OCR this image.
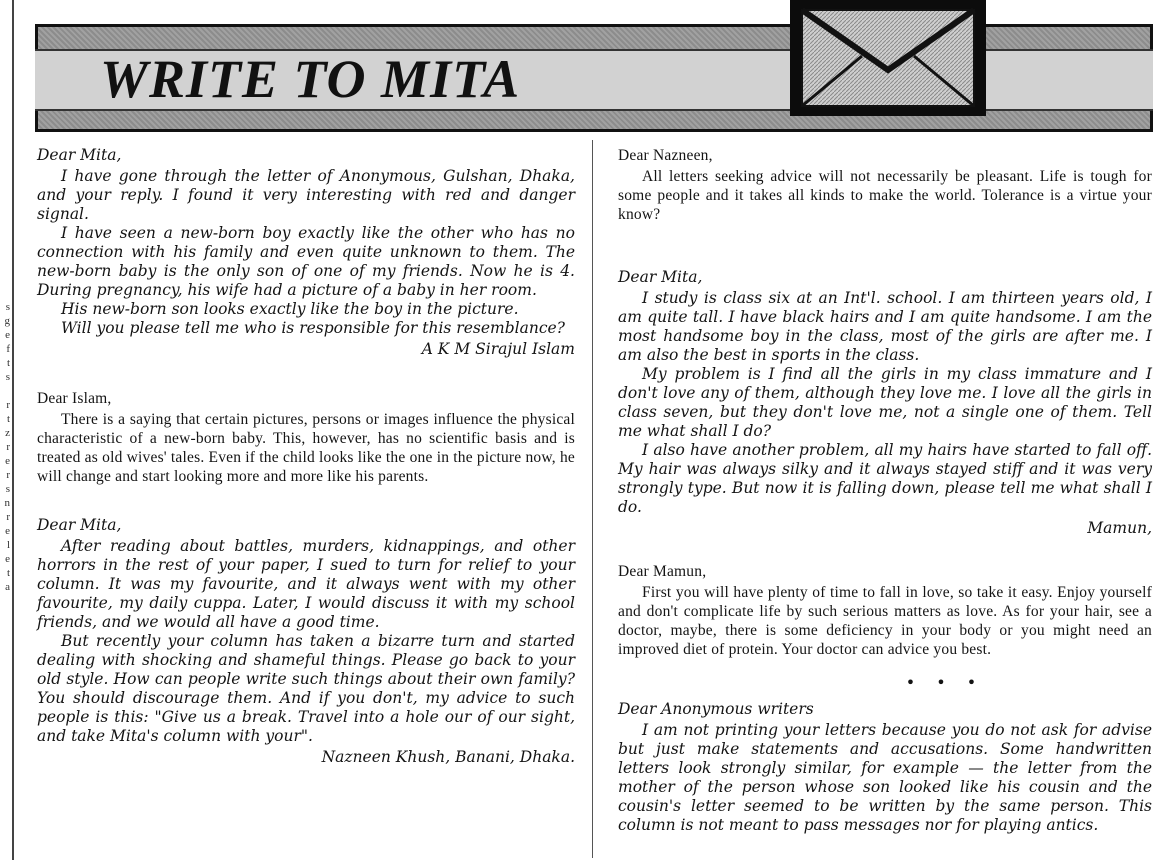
s
g
e
f
t
s

r
t
z
r
e
r
s
n
r
e
l
e
t
a
WRITE TO MITA

Dear Mita,

I have gone through the letter of Anonymous, Gulshan, Dhaka, and your reply. I found it very interesting with red and danger signal.

I have seen a new-born boy exactly like the other who has no connection with his family and even quite unknown to them. The new-born baby is the only son of one of my friends. Now he is 4. During pregnancy, his wife had a picture of a baby in her room.

His new-born son looks exactly like the boy in the picture.

Will you please tell me who is responsible for this resemblance?

A K M Sirajul Islam

Dear Islam,

There is a saying that certain pictures, persons or images influence the physical characteristic of a new-born baby. This, however, has no scientific basis and is treated as old wives' tales. Even if the child looks like the one in the picture now, he will change and start looking more and more like his parents.

Dear Mita,

After reading about battles, murders, kidnappings, and other horrors in the rest of your paper, I sued to turn for relief to your column. It was my favourite, and it always went with my other favourite, my daily cuppa. Later, I would discuss it with my school friends, and we would all have a good time.

But recently your column has taken a bizarre turn and started dealing with shocking and shameful things. Please go back to your old style. How can people write such things about their own family? You should discourage them. And if you don't, my advice to such people is this: "Give us a break. Travel into a hole our of our sight, and take Mita's column with your".

Nazneen Khush, Banani, Dhaka.

Dear Nazneen,

All letters seeking advice will not necessarily be pleasant. Life is tough for some people and it takes all kinds to make the world. Tolerance is a virtue your know?

Dear Mita,

I study is class six at an Int'l. school. I am thirteen years old, I am quite tall. I have black hairs and I am quite handsome. I am the most handsome boy in the class, most of the girls are after me. I am also the best in sports in the class.

My problem is I find all the girls in my class immature and I don't love any of them, although they love me. I love all the girls in class seven, but they don't love me, not a single one of them. Tell me what shall I do?

I also have another problem, all my hairs have started to fall off. My hair was always silky and it always stayed stiff and it was very strongly type. But now it is falling down, please tell me what shall I do.

Mamun,

Dear Mamun,

First you will have plenty of time to fall in love, so take it easy. Enjoy yourself and don't complicate life by such serious matters as love. As for your hair, see a doctor, maybe, there is some deficiency in your body or you might need an improved diet of protein. Your doctor can advice you best.

• • •

Dear Anonymous writers

I am not printing your letters because you do not ask for advise but just make statements and accusations. Some handwritten letters look strongly similar, for example — the letter from the mother of the person whose son looked like his cousin and the cousin's letter seemed to be written by the same person. This column is not meant to pass messages nor for playing antics.
